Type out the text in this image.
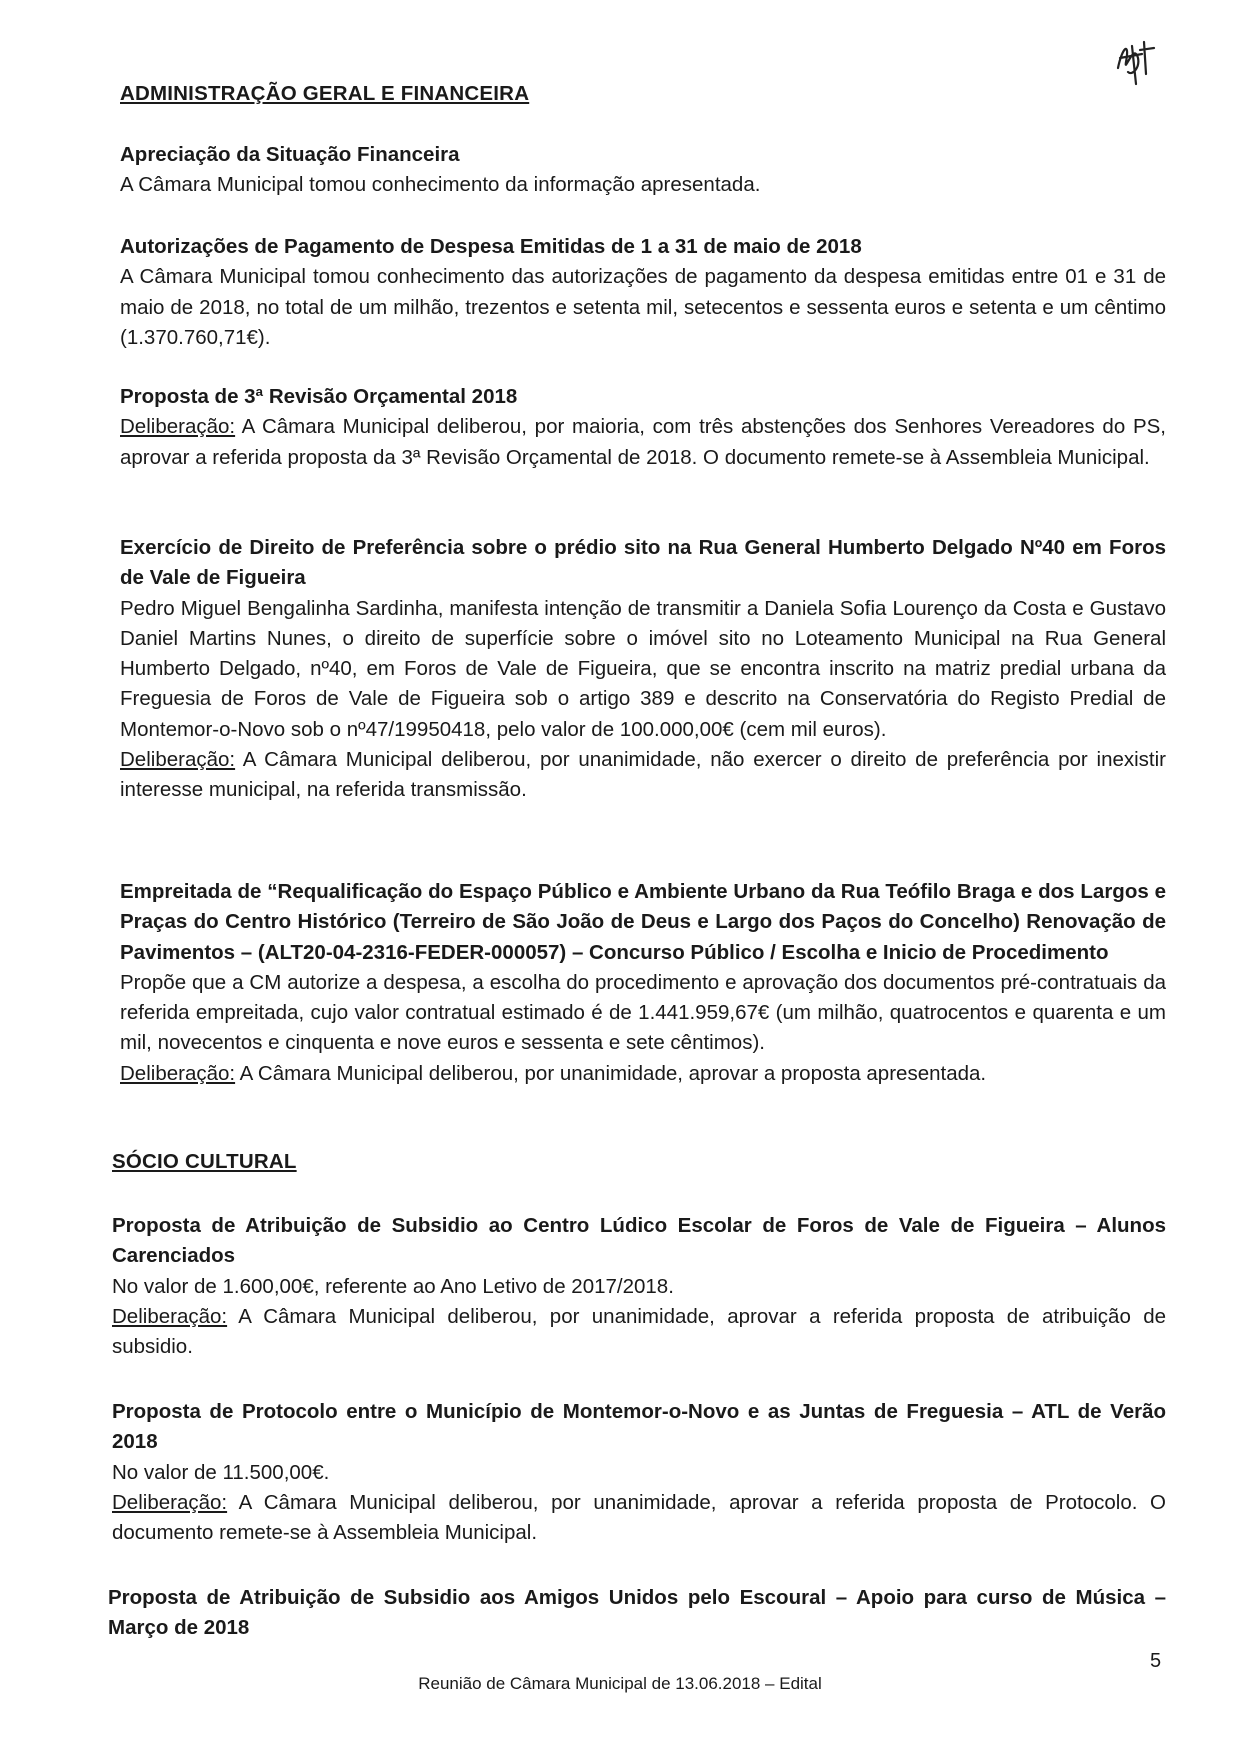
ADMINISTRAÇÃO GERAL E FINANCEIRA

Apreciação da Situação Financeira

A Câmara Municipal tomou conhecimento da informação apresentada.

Autorizações de Pagamento de Despesa Emitidas de 1 a 31 de maio de 2018

A Câmara Municipal tomou conhecimento das autorizações de pagamento da despesa emitidas entre 01 e 31 de maio de 2018, no total de um milhão, trezentos e setenta mil, setecentos e sessenta euros e setenta e um cêntimo (1.370.760,71€).

Proposta de 3ª Revisão Orçamental 2018

Deliberação: A Câmara Municipal deliberou, por maioria, com três abstenções dos Senhores Vereadores do PS, aprovar a referida proposta da 3ª Revisão Orçamental de 2018. O documento remete-se à Assembleia Municipal.

Exercício de Direito de Preferência sobre o prédio sito na Rua General Humberto Delgado Nº40 em Foros de Vale de Figueira

Pedro Miguel Bengalinha Sardinha, manifesta intenção de transmitir a Daniela Sofia Lourenço da Costa e Gustavo Daniel Martins Nunes, o direito de superfície sobre o imóvel sito no Loteamento Municipal na Rua General Humberto Delgado, nº40, em Foros de Vale de Figueira, que se encontra inscrito na matriz predial urbana da Freguesia de Foros de Vale de Figueira sob o artigo 389 e descrito na Conservatória do Registo Predial de Montemor-o-Novo sob o nº47/19950418, pelo valor de 100.000,00€ (cem mil euros).

Deliberação: A Câmara Municipal deliberou, por unanimidade, não exercer o direito de preferência por inexistir interesse municipal, na referida transmissão.

Empreitada de “Requalificação do Espaço Público e Ambiente Urbano da Rua Teófilo Braga e dos Largos e Praças do Centro Histórico (Terreiro de São João de Deus e Largo dos Paços do Concelho) Renovação de Pavimentos – (ALT20-04-2316-FEDER-000057) – Concurso Público / Escolha e Inicio de Procedimento

Propõe que a CM autorize a despesa, a escolha do procedimento e aprovação dos documentos pré-contratuais da referida empreitada, cujo valor contratual estimado é de 1.441.959,67€ (um milhão, quatrocentos e quarenta e um mil, novecentos e cinquenta e nove euros e sessenta e sete cêntimos).

Deliberação: A Câmara Municipal deliberou, por unanimidade, aprovar a proposta apresentada.

SÓCIO CULTURAL

Proposta de Atribuição de Subsidio ao Centro Lúdico Escolar de Foros de Vale de Figueira – Alunos Carenciados

No valor de 1.600,00€, referente ao Ano Letivo de 2017/2018.

Deliberação: A Câmara Municipal deliberou, por unanimidade, aprovar a referida proposta de atribuição de subsidio.

Proposta de Protocolo entre o Município de Montemor-o-Novo e as Juntas de Freguesia – ATL de Verão 2018

No valor de 11.500,00€.

Deliberação: A Câmara Municipal deliberou, por unanimidade, aprovar a referida proposta de Protocolo. O documento remete-se à Assembleia Municipal.

Proposta de Atribuição de Subsidio aos Amigos Unidos pelo Escoural – Apoio para curso de Música – Março de 2018

5
Reunião de Câmara Municipal de 13.06.2018 – Edital
